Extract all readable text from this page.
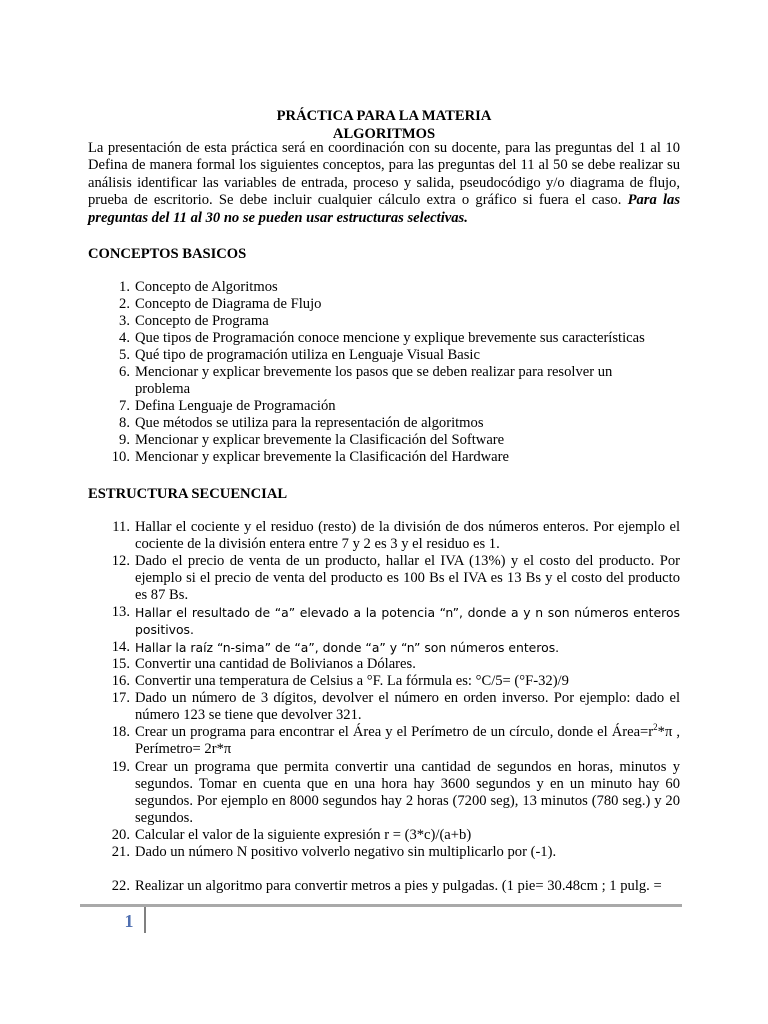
PRÁCTICA PARA LA MATERIA
ALGORITMOS
La presentación de esta práctica será en coordinación con su docente, para las preguntas del 1 al 10 Defina de manera formal los siguientes conceptos, para las preguntas del 11 al 50 se debe realizar su análisis identificar las variables de entrada, proceso y salida, pseudocódigo y/o diagrama de flujo, prueba de escritorio. Se debe incluir cualquier cálculo extra o gráfico si fuera el caso. Para las preguntas del 11 al 30 no se pueden usar estructuras selectivas.
CONCEPTOS BASICOS
1. Concepto de Algoritmos
2. Concepto de Diagrama de Flujo
3. Concepto de Programa
4. Que tipos de Programación conoce mencione y explique brevemente sus características
5. Qué tipo de programación utiliza en Lenguaje Visual Basic
6. Mencionar y explicar brevemente los pasos que se deben realizar para resolver un problema
7. Defina Lenguaje de Programación
8. Que métodos se utiliza para la representación de algoritmos
9. Mencionar y explicar brevemente la Clasificación del Software
10. Mencionar y explicar brevemente la Clasificación del Hardware
ESTRUCTURA SECUENCIAL
11. Hallar el cociente y el residuo (resto) de la división de dos números enteros. Por ejemplo el cociente de la división entera entre 7 y 2 es 3 y el residuo es 1.
12. Dado el precio de venta de un producto, hallar el IVA (13%) y el costo del producto. Por ejemplo si el precio de venta del producto es 100 Bs el IVA es 13 Bs y el costo del producto es 87 Bs.
13. Hallar el resultado de “a” elevado a la potencia “n”, donde a y n son números enteros positivos.
14. Hallar la raíz “n-sima” de “a”, donde “a” y “n” son números enteros.
15. Convertir una cantidad de Bolivianos a Dólares.
16. Convertir una temperatura de Celsius a °F. La fórmula es: °C/5= (°F-32)/9
17. Dado un número de 3 dígitos, devolver el número en orden inverso. Por ejemplo: dado el número 123 se tiene que devolver 321.
18. Crear un programa para encontrar el Área y el Perímetro de un círculo, donde el $Área=r^2*\pi$ , Perímetro= 2r*π
19. Crear un programa que permita convertir una cantidad de segundos en horas, minutos y segundos. Tomar en cuenta que en una hora hay 3600 segundos y en un minuto hay 60 segundos. Por ejemplo en 8000 segundos hay 2 horas (7200 seg), 13 minutos (780 seg.) y 20 segundos.
20. Calcular el valor de la siguiente expresión r = (3*c)/(a+b)
21. Dado un número N positivo volverlo negativo sin multiplicarlo por (-1).
22. Realizar un algoritmo para convertir metros a pies y pulgadas. (1 pie= 30.48cm ; 1 pulg. =
1
